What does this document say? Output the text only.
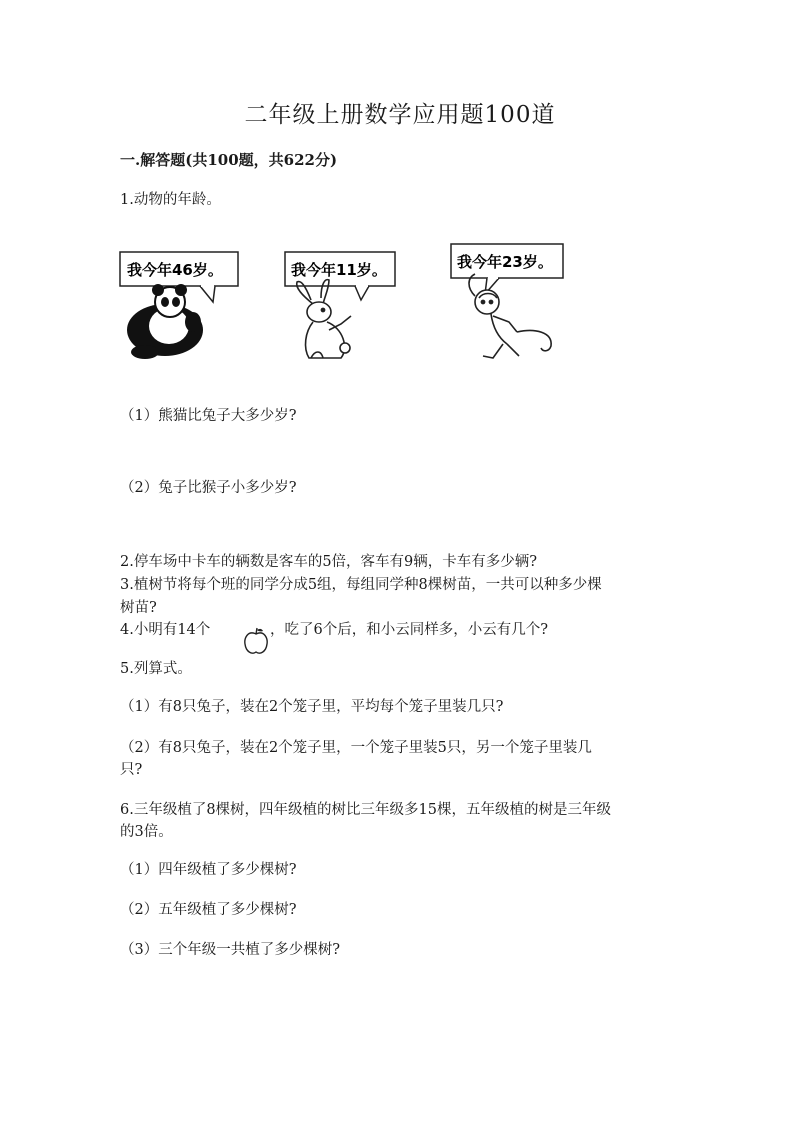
二年级上册数学应用题100道
一.解答题(共100题，共622分)
1.动物的年龄。
我今年46岁。	我今年11岁。	我今年23岁。
（1）熊猫比兔子大多少岁?
（2）兔子比猴子小多少岁?
2.停车场中卡车的辆数是客车的5倍，客车有9辆，卡车有多少辆?
3.植树节将每个班的同学分成5组，每组同学种8棵树苗，一共可以种多少棵
树苗?
4.小明有14个	，吃了6个后，和小云同样多，小云有几个?
5.列算式。
（1）有8只兔子，装在2个笼子里，平均每个笼子里装几只?
（2）有8只兔子，装在2个笼子里，一个笼子里装5只，另一个笼子里装几
只?
6.三年级植了8棵树，四年级植的树比三年级多15棵，五年级植的树是三年级
的3倍。
（1）四年级植了多少棵树?
（2）五年级植了多少棵树?
（3）三个年级一共植了多少棵树?
